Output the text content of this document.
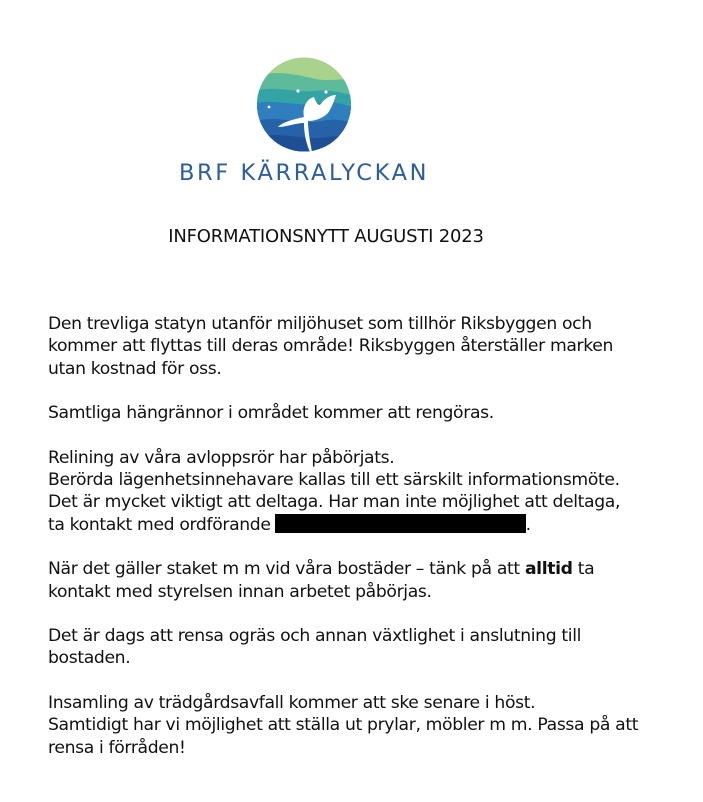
BRF KÄRRALYCKAN
INFORMATIONSNYTT AUGUSTI 2023

Den trevliga statyn utanför miljöhuset som tillhör Riksbyggen och
kommer att flyttas till deras område! Riksbyggen återställer marken
utan kostnad för oss.

Samtliga hängrännor i området kommer att rengöras.

Relining av våra avloppsrör har påbörjats.
Berörda lägenhetsinnehavare kallas till ett särskilt informationsmöte.
Det är mycket viktigt att deltaga. Har man inte möjlighet att deltaga,
ta kontakt med ordförande	.

När det gäller staket m m vid våra bostäder – tänk på att alltid ta
kontakt med styrelsen innan arbetet påbörjas.

Det är dags att rensa ogräs och annan växtlighet i anslutning till
bostaden.

Insamling av trädgårdsavfall kommer att ske senare i höst.
Samtidigt har vi möjlighet att ställa ut prylar, möbler m m. Passa på att
rensa i förråden!
